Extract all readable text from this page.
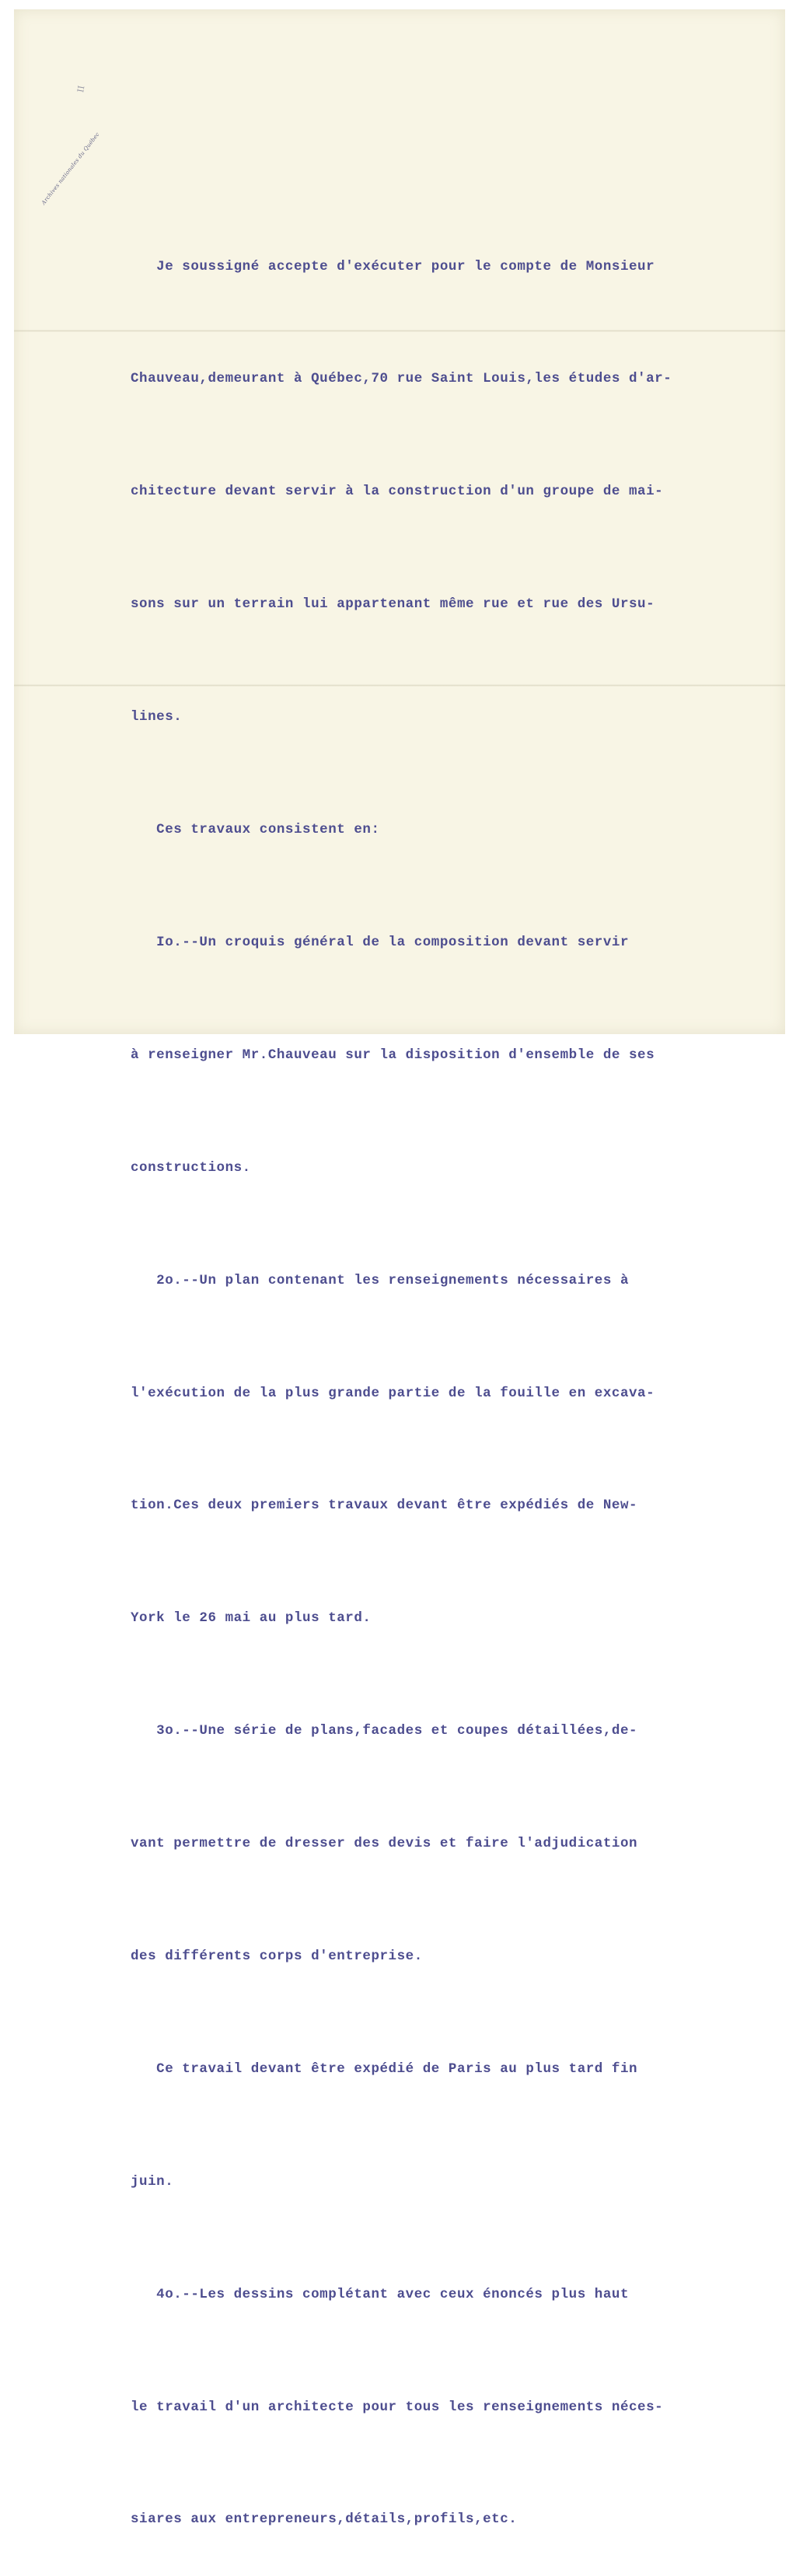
II
Archives nationales du Québec

Je soussigné accepte d'exécuter pour le compte de Monsieur

Chauveau,demeurant à Québec,70 rue Saint Louis,les études d'ar-

chitecture devant servir à la construction d'un groupe de mai-

sons sur un terrain lui appartenant même rue et rue des Ursu-

lines.

Ces travaux consistent en:

Io.--Un croquis général de la composition devant servir

à renseigner Mr.Chauveau sur la disposition d'ensemble de ses

constructions.

2o.--Un plan contenant les renseignements nécessaires à

l'exécution de la plus grande partie de la fouille en excava-

tion.Ces deux premiers travaux devant être expédiés de New-

York le 26 mai au plus tard.

3o.--Une série de plans,facades et coupes détaillées,de-

vant permettre de dresser des devis et faire l'adjudication

des différents corps d'entreprise.

Ce travail devant être expédié de Paris au plus tard fin

juin.

4o.--Les dessins complétant avec ceux énoncés plus haut

le travail d'un architecte pour tous les renseignements néces-

siares aux entrepreneurs,détails,profils,etc.
